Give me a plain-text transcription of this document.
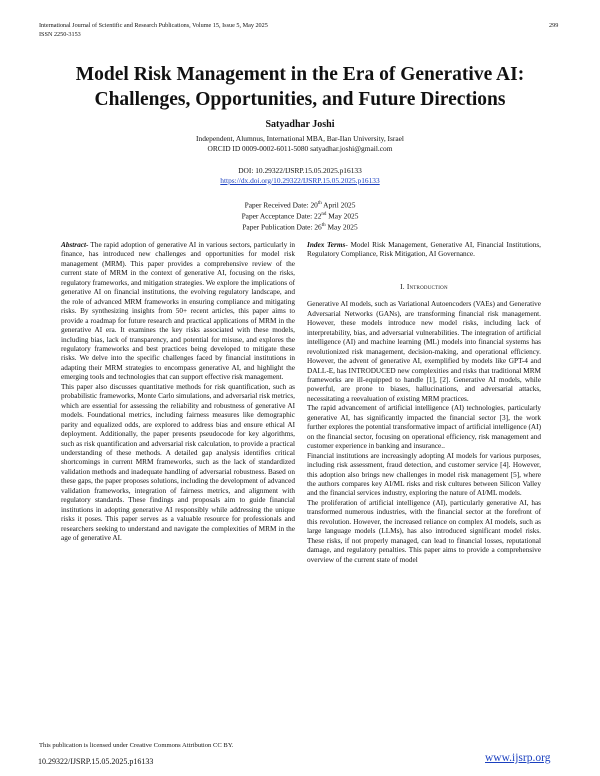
International Journal of Scientific and Research Publications, Volume 15, Issue 5, May 2025
ISSN 2250-3153
299
Model Risk Management in the Era of Generative AI:
Challenges, Opportunities, and Future Directions
Satyadhar Joshi
Independent, Alumnus, International MBA, Bar-Ilan University, Israel
ORCID ID 0009-0002-6011-5080 satyadhar.joshi@gmail.com
DOI: 10.29322/IJSRP.15.05.2025.p16133
https://dx.doi.org/10.29322/IJSRP.15.05.2025.p16133
Paper Received Date: 20th April 2025
Paper Acceptance Date: 22nd May 2025
Paper Publication Date: 26th May 2025

Abstract- The rapid adoption of generative AI in various sectors, particularly in finance, has introduced new challenges and opportunities for model risk management (MRM). This paper provides a comprehensive review of the current state of MRM in the context of generative AI, focusing on the risks, regulatory frameworks, and mitigation strategies. We explore the implications of generative AI on financial institutions, the evolving regulatory landscape, and the role of advanced MRM frameworks in ensuring compliance and mitigating risks. By synthesizing insights from 50+ recent articles, this paper aims to provide a roadmap for future research and practical applications of MRM in the generative AI era. It examines the key risks associated with these models, including bias, lack of transparency, and potential for misuse, and explores the regulatory frameworks and best practices being developed to mitigate these risks. We delve into the specific challenges faced by financial institutions in adapting their MRM strategies to encompass generative AI, and highlight the emerging tools and technologies that can support effective risk management.

This paper also discusses quantitative methods for risk quantification, such as probabilistic frameworks, Monte Carlo simulations, and adversarial risk metrics, which are essential for assessing the reliability and robustness of generative AI models. Foundational metrics, including fairness measures like demographic parity and equalized odds, are explored to address bias and ensure ethical AI deployment. Additionally, the paper presents pseudocode for key algorithms, such as risk quantification and adversarial risk calculation, to provide a practical understanding of these methods. A detailed gap analysis identifies critical shortcomings in current MRM frameworks, such as the lack of standardized validation methods and inadequate handling of adversarial robustness. Based on these gaps, the paper proposes solutions, including the development of advanced validation frameworks, integration of fairness metrics, and alignment with regulatory standards. These findings and proposals aim to guide financial institutions in adopting generative AI responsibly while addressing the unique risks it poses. This paper serves as a valuable resource for professionals and researchers seeking to understand and navigate the complexities of MRM in the age of generative AI.

Index Terms- Model Risk Management, Generative AI, Financial Institutions, Regulatory Compliance, Risk Mitigation, AI Governance.

I. Introduction

Generative AI models, such as Variational Autoencoders (VAEs) and Generative Adversarial Networks (GANs), are transforming financial risk management. However, these models introduce new model risks, including lack of interpretability, bias, and adversarial vulnerabilities. The integration of artificial intelligence (AI) and machine learning (ML) models into financial systems has revolutionized risk management, decision-making, and operational efficiency. However, the advent of generative AI, exemplified by models like GPT-4 and DALL-E, has INTRODUCED new complexities and risks that traditional MRM frameworks are ill-equipped to handle [1], [2]. Generative AI models, while powerful, are prone to biases, hallucinations, and adversarial attacks, necessitating a reevaluation of existing MRM practices.

The rapid advancement of artificial intelligence (AI) technologies, particularly generative AI, has significantly impacted the financial sector [3], the work further explores the potential transformative impact of artificial intelligence (AI) on the financial sector, focusing on operational efficiency, risk management and customer experience in banking and insurance..

Financial institutions are increasingly adopting AI models for various purposes, including risk assessment, fraud detection, and customer service [4]. However, this adoption also brings new challenges in model risk management [5], where the authors compares key AI/ML risks and risk cultures between Silicon Valley and the financial services industry, exploring the nature of AI/ML models.

The proliferation of artificial intelligence (AI), particularly generative AI, has transformed numerous industries, with the financial sector at the forefront of this revolution. However, the increased reliance on complex AI models, such as large language models (LLMs), has also introduced significant model risks. These risks, if not properly managed, can lead to financial losses, reputational damage, and regulatory penalties. This paper aims to provide a comprehensive overview of the current state of model

This publication is licensed under Creative Commons Attribution CC BY.
10.29322/IJSRP.15.05.2025.p16133	www.ijsrp.org
